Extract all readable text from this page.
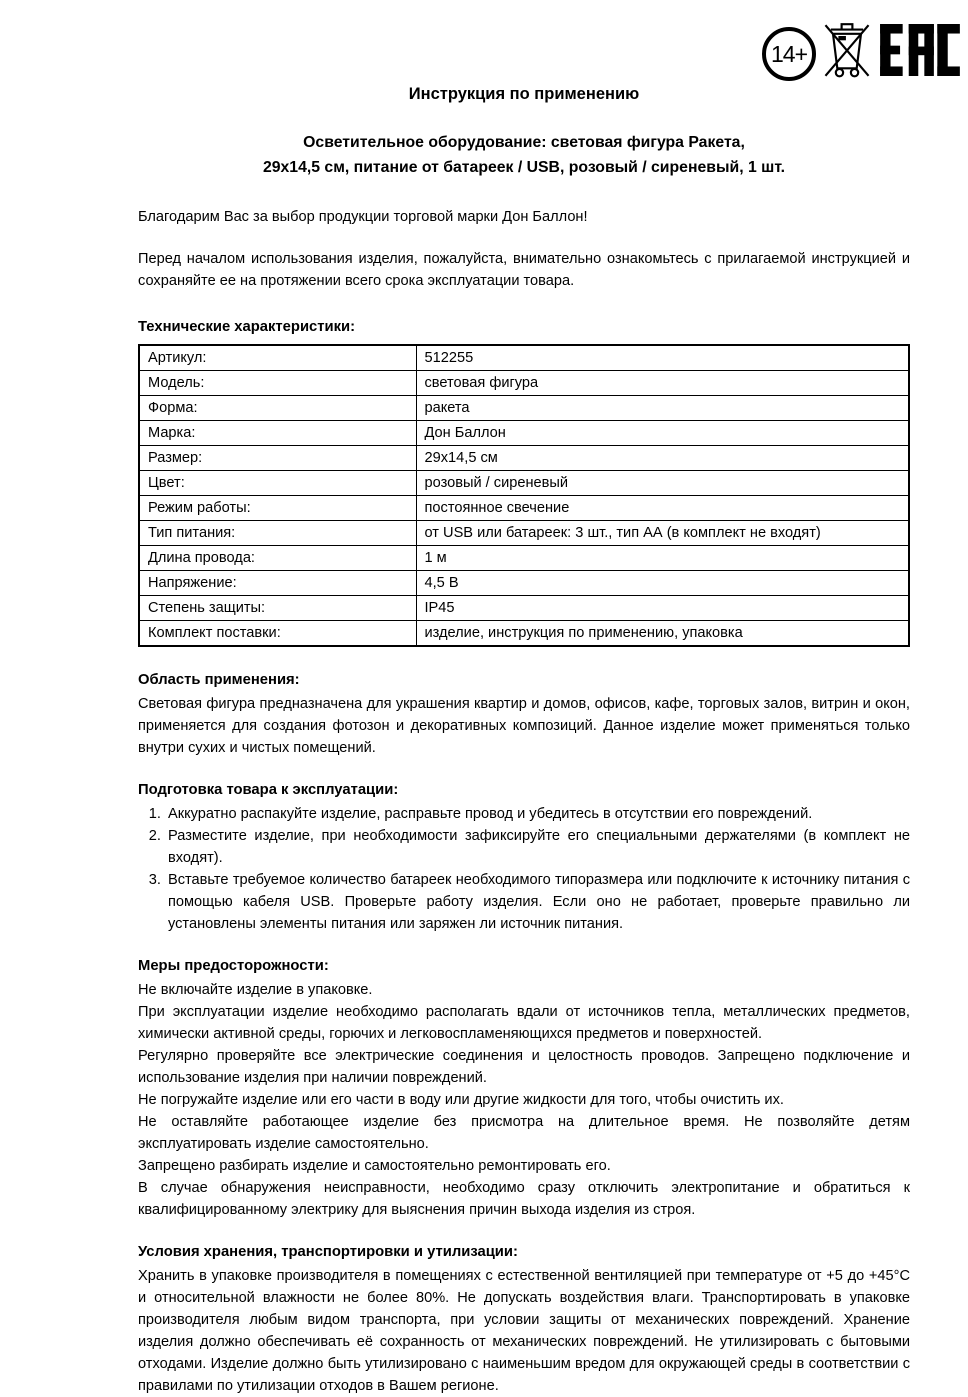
14+
Инструкция по применению
Осветительное оборудование: световая фигура Ракета,
29х14,5 см, питание от батареек / USB, розовый / сиреневый, 1 шт.

Благодарим Вас за выбор продукции торговой марки Дон Баллон!

Перед началом использования изделия, пожалуйста, внимательно ознакомьтесь с прилагаемой инструкцией и сохраняйте ее на протяжении всего срока эксплуатации товара.

Технические характеристики:
Артикул:	512255
Модель:	световая фигура
Форма:	ракета
Марка:	Дон Баллон
Размер:	29х14,5 см
Цвет:	розовый / сиреневый
Режим работы:	постоянное свечение
Тип питания:	от USB или батареек: 3 шт., тип АА (в комплект не входят)
Длина провода:	1 м
Напряжение:	4,5 В
Степень защиты:	IP45
Комплект поставки:	изделие, инструкция по применению, упаковка
Область применения:

Световая фигура предназначена для украшения квартир и домов, офисов, кафе, торговых залов, витрин и окон, применяется для создания фотозон и декоративных композиций. Данное изделие может применяться только внутри сухих и чистых помещений.

Подготовка товара к эксплуатации:
1. Аккуратно распакуйте изделие, расправьте провод и убедитесь в отсутствии его повреждений.
2. Разместите изделие, при необходимости зафиксируйте его специальными держателями (в комплект не входят).
3. Вставьте требуемое количество батареек необходимого типоразмера или подключите к источнику питания с помощью кабеля USB. Проверьте работу изделия. Если оно не работает, проверьте правильно ли установлены элементы питания или заряжен ли источник питания.
Меры предосторожности:

Не включайте изделие в упаковке.

При эксплуатации изделие необходимо располагать вдали от источников тепла, металлических предметов, химически активной среды, горючих и легковоспламеняющихся предметов и поверхностей.

Регулярно проверяйте все электрические соединения и целостность проводов. Запрещено подключение и использование изделия при наличии повреждений.

Не погружайте изделие или его части в воду или другие жидкости для того, чтобы очистить их.

Не оставляйте работающее изделие без присмотра на длительное время. Не позволяйте детям эксплуатировать изделие самостоятельно.

Запрещено разбирать изделие и самостоятельно ремонтировать его.

В случае обнаружения неисправности, необходимо сразу отключить электропитание и обратиться к квалифицированному электрику для выяснения причин выхода изделия из строя.

Условия хранения, транспортировки и утилизации:

Хранить в упаковке производителя в помещениях с естественной вентиляцией при температуре от +5 до +45°С и относительной влажности не более 80%. Не допускать воздействия влаги. Транспортировать в упаковке производителя любым видом транспорта, при условии защиты от механических повреждений. Хранение изделия должно обеспечивать её сохранность от механических повреждений. Не утилизировать с бытовыми отходами. Изделие должно быть утилизировано с наименьшим вредом для окружающей среды в соответствии с правилами по утилизации отходов в Вашем регионе.
